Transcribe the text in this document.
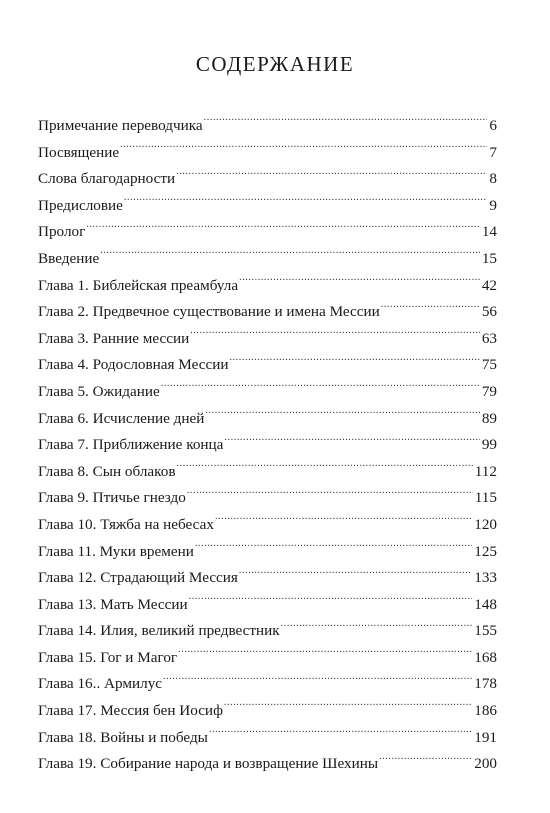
СОДЕРЖАНИЕ
Примечание переводчика .....	6
Посвящение .....	7
Слова благодарности .....	8
Предисловие .....	9
Пролог .....	14
Введение .....	15
Глава 1. Библейская преамбула .....	42
Глава 2. Предвечное существование и имена Мессии .....	56
Глава 3. Ранние мессии .....	63
Глава 4. Родословная Мессии .....	75
Глава 5. Ожидание .....	79
Глава 6. Исчисление дней .....	89
Глава 7. Приближение конца .....	99
Глава 8. Сын облаков .....	112
Глава 9. Птичье гнездо .....	115
Глава 10. Тяжба на небесах .....	120
Глава 11. Муки времени .....	125
Глава 12. Страдающий Мессия .....	133
Глава 13. Мать Мессии .....	148
Глава 14. Илия, великий предвестник .....	155
Глава 15. Гог и Магог .....	168
Глава 16.. Армилус .....	178
Глава 17. Мессия бен Иосиф .....	186
Глава 18. Войны и победы .....	191
Глава 19. Собирание народа и возвращение Шехины .....	200
